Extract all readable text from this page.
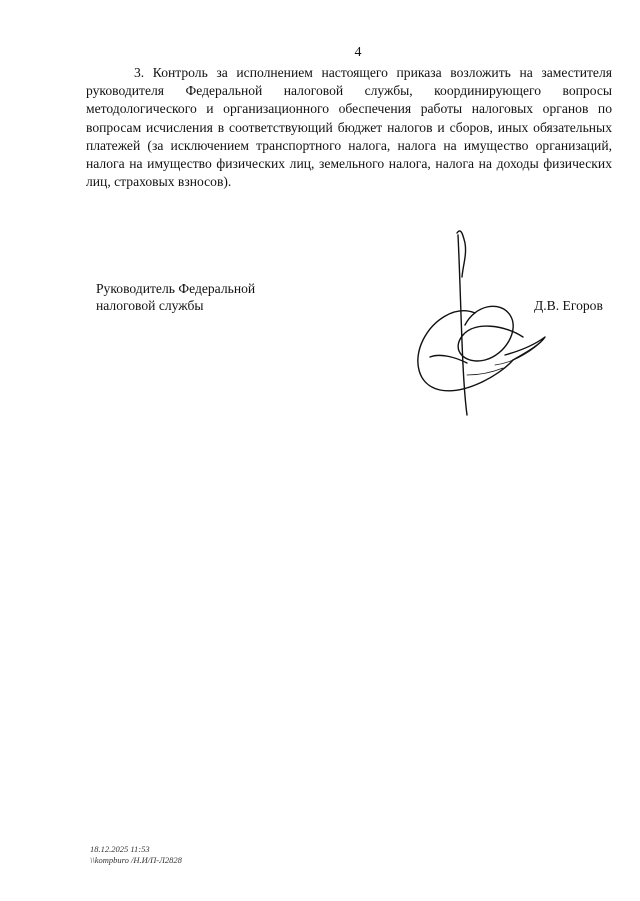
4

3. Контроль за исполнением настоящего приказа возложить на заместителя руководителя Федеральной налоговой службы, координирующего вопросы методологического и организационного обеспечения работы налоговых органов по вопросам исчисления в соответствующий бюджет налогов и сборов, иных обязательных платежей (за исключением транспортного налога, налога на имущество организаций, налога на имущество физических лиц, земельного налога, налога на доходы физических лиц, страховых взносов).

Руководитель Федеральной
налоговой службы	Д.В. Егоров
18.12.2025 11:53
\\kompburo /Н.И/П-Л2828
